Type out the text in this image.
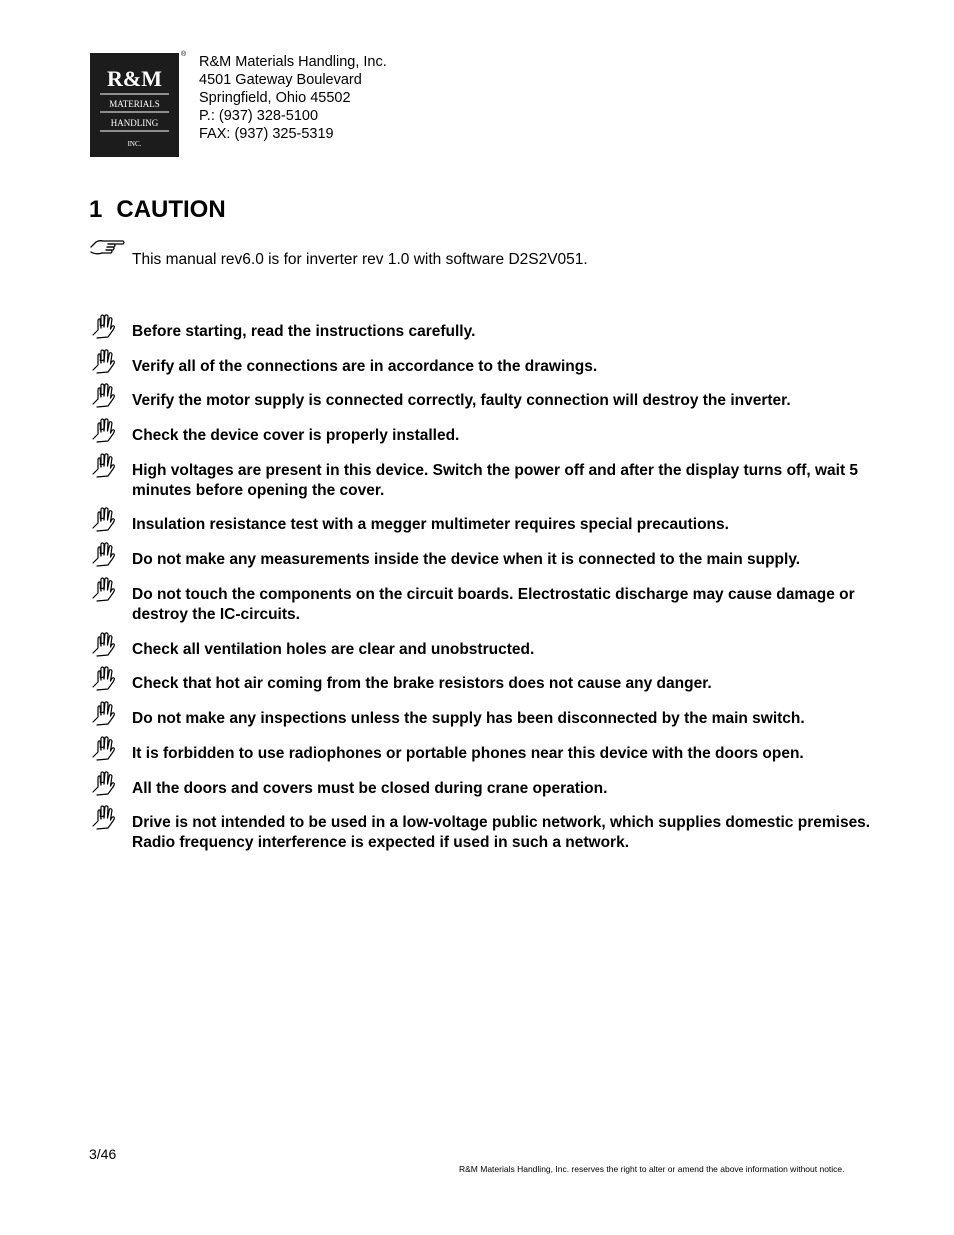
R&M
MATERIALS
HANDLING
INC.
® R&M Materials Handling, Inc.
4501 Gateway Boulevard
Springfield, Ohio 45502
P.: (937) 328-5100
FAX: (937) 325-5319
1 CAUTION
This manual rev6.0 is for inverter rev 1.0 with software D2S2V051.
Before starting, read the instructions carefully.
Verify all of the connections are in accordance to the drawings.
Verify the motor supply is connected correctly, faulty connection will destroy the inverter.
Check the device cover is properly installed.
High voltages are present in this device. Switch the power off and after the display turns off, wait 5 minutes before opening the cover.
Insulation resistance test with a megger multimeter requires special precautions.
Do not make any measurements inside the device when it is connected to the main supply.
Do not touch the components on the circuit boards. Electrostatic discharge may cause damage or destroy the IC-circuits.
Check all ventilation holes are clear and unobstructed.
Check that hot air coming from the brake resistors does not cause any danger.
Do not make any inspections unless the supply has been disconnected by the main switch.
It is forbidden to use radiophones or portable phones near this device with the doors open.
All the doors and covers must be closed during crane operation.
Drive is not intended to be used in a low-voltage public network, which supplies domestic premises. Radio frequency interference is expected if used in such a network.
3/46
R&M Materials Handling, Inc. reserves the right to alter or amend the above information without notice.
